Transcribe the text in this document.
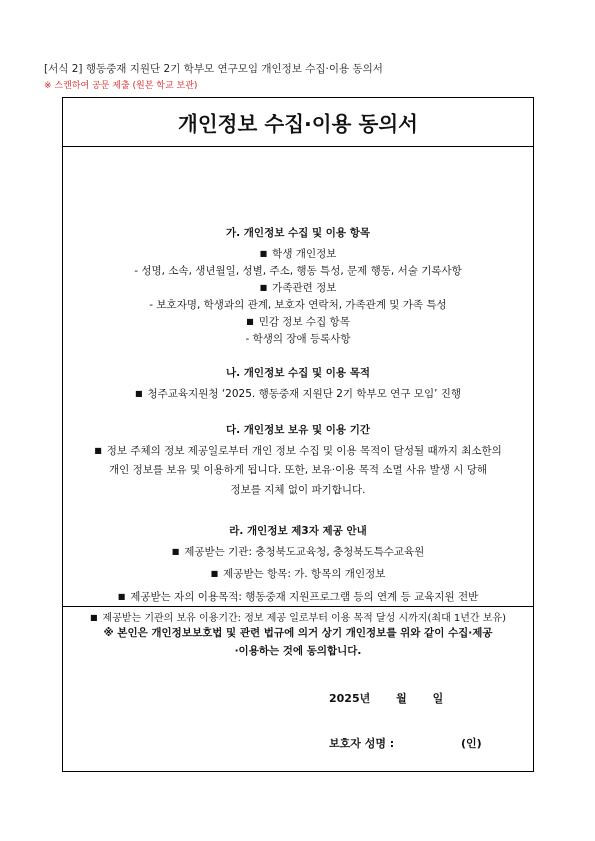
[서식 2] 행동중재 지원단 2기 학부모 연구모임 개인정보 수집·이용 동의서
※ 스캔하여 공문 제출 (원본 학교 보관)
개인정보 수집·이용 동의서
가. 개인정보 수집 및 이용 항목
■ 학생 개인정보
- 성명, 소속, 생년월일, 성별, 주소, 행동 특성, 문제 행동, 서술 기록사항
■ 가족관련 정보
- 보호자명, 학생과의 관계, 보호자 연락처, 가족관계 및 가족 특성
■ 민감 정보 수집 항목
- 학생의 장애 등록사항
나. 개인정보 수집 및 이용 목적
■ 청주교육지원청 ‘2025. 행동중재 지원단 2기 학부모 연구 모임’ 진행
다. 개인정보 보유 및 이용 기간
■ 정보 주체의 정보 제공일로부터 개인 정보 수집 및 이용 목적이 달성될 때까지 최소한의
개인 정보를 보유 및 이용하게 됩니다. 또한, 보유·이용 목적 소멸 사유 발생 시 당해
정보를 지체 없이 파기합니다.
라. 개인정보 제3자 제공 안내
■ 제공받는 기관: 충청북도교육청, 충청북도특수교육원
■ 제공받는 항목: 가. 항목의 개인정보
■ 제공받는 자의 이용목적: 행동중재 지원프로그램 등의 연계 등 교육지원 전반
■ 제공받는 기관의 보유 이용기간: 정보 제공 일로부터 이용 목적 달성 시까지(최대 1년간 보유)
※ 본인은 개인정보보호법 및 관련 법규에 의거 상기 개인정보를 위와 같이 수집·제공
·이용하는 것에 동의합니다.
2025년 월 일
보호자 성명 :	(인)
